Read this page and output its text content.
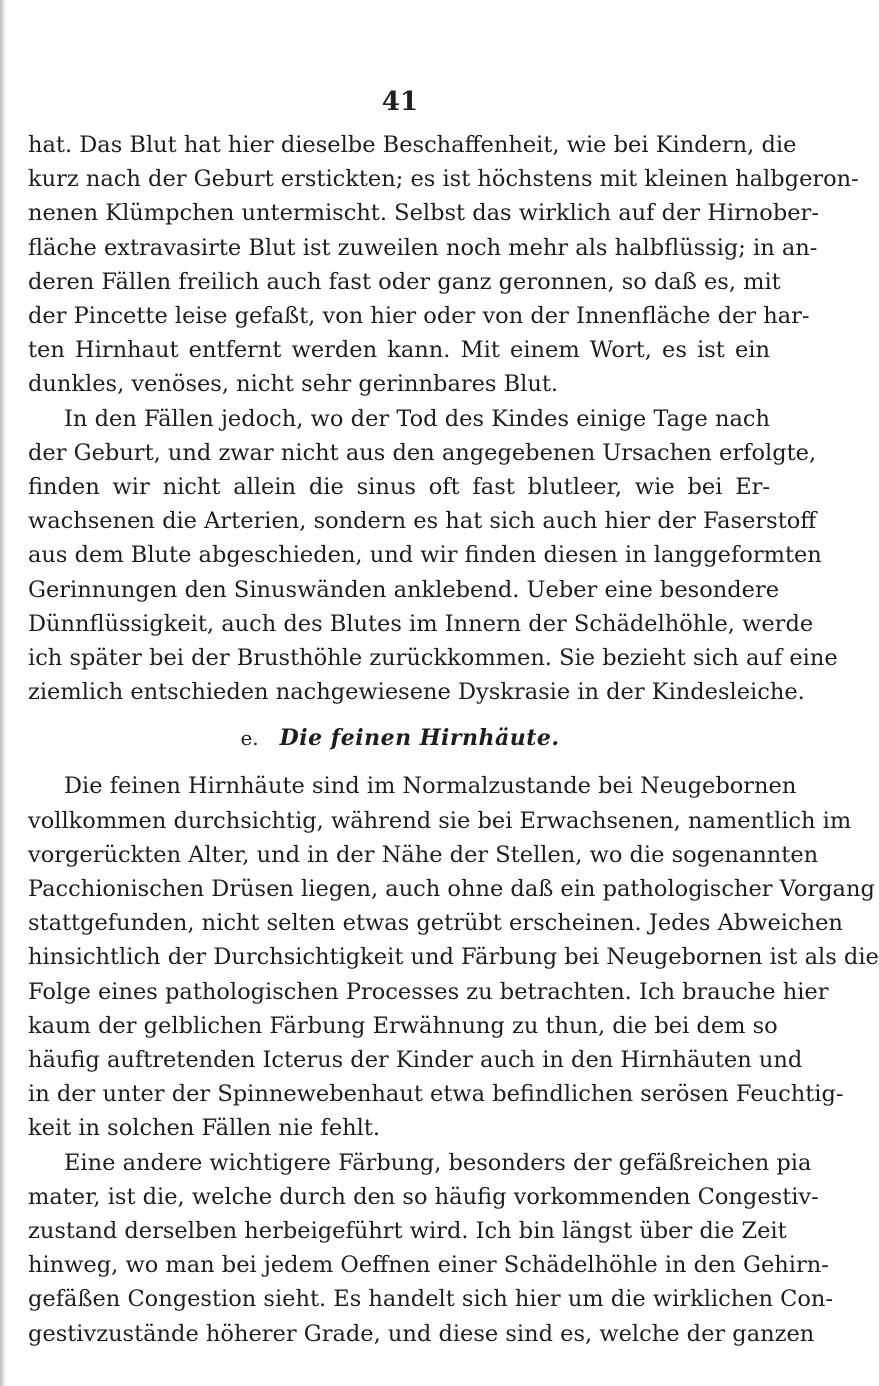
41
hat. Das Blut hat hier dieselbe Beschaffenheit, wie bei Kindern, die
kurz nach der Geburt erstickten; es ist höchstens mit kleinen halbgeron-
nenen Klümpchen untermischt. Selbst das wirklich auf der Hirnober-
fläche extravasirte Blut ist zuweilen noch mehr als halbflüssig; in an-
deren Fällen freilich auch fast oder ganz geronnen, so daß es, mit
der Pincette leise gefaßt, von hier oder von der Innenfläche der har-
ten Hirnhaut entfernt werden kann. Mit einem Wort, es ist ein
dunkles, venöses, nicht sehr gerinnbares Blut.
In den Fällen jedoch, wo der Tod des Kindes einige Tage nach
der Geburt, und zwar nicht aus den angegebenen Ursachen erfolgte,
finden wir nicht allein die sinus oft fast blutleer, wie bei Er-
wachsenen die Arterien, sondern es hat sich auch hier der Faserstoff
aus dem Blute abgeschieden, und wir finden diesen in langgeformten
Gerinnungen den Sinuswänden anklebend. Ueber eine besondere
Dünnflüssigkeit, auch des Blutes im Innern der Schädelhöhle, werde
ich später bei der Brusthöhle zurückkommen. Sie bezieht sich auf eine
ziemlich entschieden nachgewiesene Dyskrasie in der Kindesleiche.
e. Die feinen Hirnhäute.
Die feinen Hirnhäute sind im Normalzustande bei Neugebornen
vollkommen durchsichtig, während sie bei Erwachsenen, namentlich im
vorgerückten Alter, und in der Nähe der Stellen, wo die sogenannten
Pacchionischen Drüsen liegen, auch ohne daß ein pathologischer Vorgang
stattgefunden, nicht selten etwas getrübt erscheinen. Jedes Abweichen
hinsichtlich der Durchsichtigkeit und Färbung bei Neugebornen ist als die
Folge eines pathologischen Processes zu betrachten. Ich brauche hier
kaum der gelblichen Färbung Erwähnung zu thun, die bei dem so
häufig auftretenden Icterus der Kinder auch in den Hirnhäuten und
in der unter der Spinnewebenhaut etwa befindlichen serösen Feuchtig-
keit in solchen Fällen nie fehlt.
Eine andere wichtigere Färbung, besonders der gefäßreichen pia
mater, ist die, welche durch den so häufig vorkommenden Congestiv-
zustand derselben herbeigeführt wird. Ich bin längst über die Zeit
hinweg, wo man bei jedem Oeffnen einer Schädelhöhle in den Gehirn-
gefäßen Congestion sieht. Es handelt sich hier um die wirklichen Con-
gestivzustände höherer Grade, und diese sind es, welche der ganzen
